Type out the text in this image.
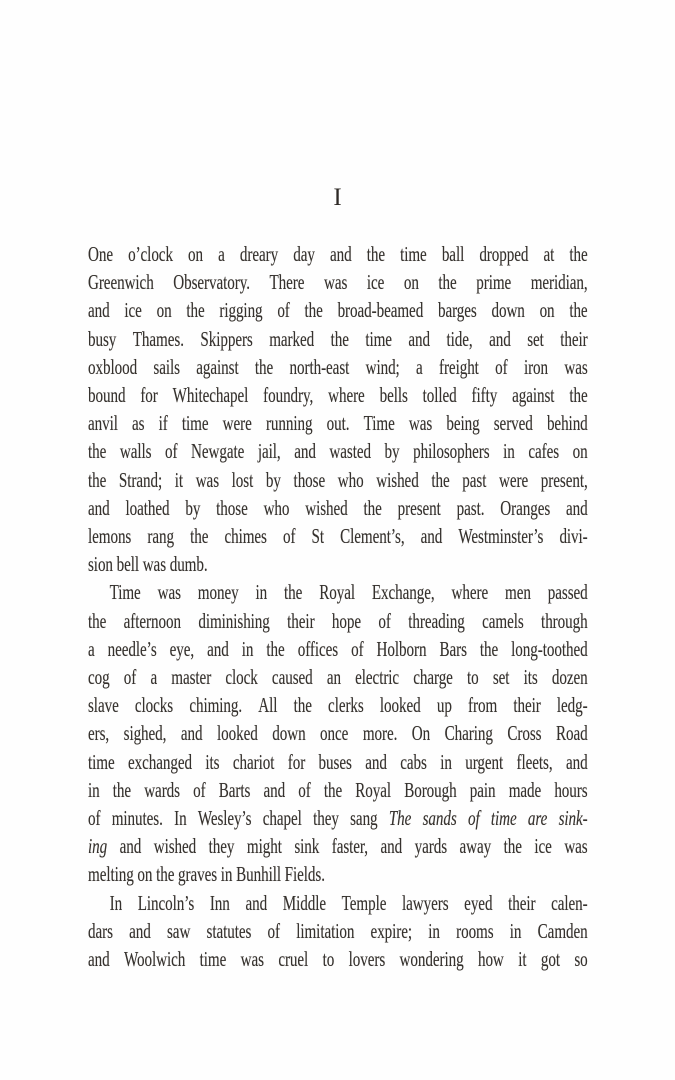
I
One o’clock on a dreary day and the time ball dropped at the
Greenwich Observatory. There was ice on the prime meridian,
and ice on the rigging of the broad-beamed barges down on the
busy Thames. Skippers marked the time and tide, and set their
oxblood sails against the north-east wind; a freight of iron was
bound for Whitechapel foundry, where bells tolled fifty against the
anvil as if time were running out. Time was being served behind
the walls of Newgate jail, and wasted by philosophers in cafes on
the Strand; it was lost by those who wished the past were present,
and loathed by those who wished the present past. Oranges and
lemons rang the chimes of St Clement’s, and Westminster’s divi-
sion bell was dumb.
Time was money in the Royal Exchange, where men passed
the afternoon diminishing their hope of threading camels through
a needle’s eye, and in the offices of Holborn Bars the long-toothed
cog of a master clock caused an electric charge to set its dozen
slave clocks chiming. All the clerks looked up from their ledg-
ers, sighed, and looked down once more. On Charing Cross Road
time exchanged its chariot for buses and cabs in urgent fleets, and
in the wards of Barts and of the Royal Borough pain made hours
of minutes. In Wesley’s chapel they sang The sands of time are sink-
ing and wished they might sink faster, and yards away the ice was
melting on the graves in Bunhill Fields.
In Lincoln’s Inn and Middle Temple lawyers eyed their calen-
dars and saw statutes of limitation expire; in rooms in Camden
and Woolwich time was cruel to lovers wondering how it got so
